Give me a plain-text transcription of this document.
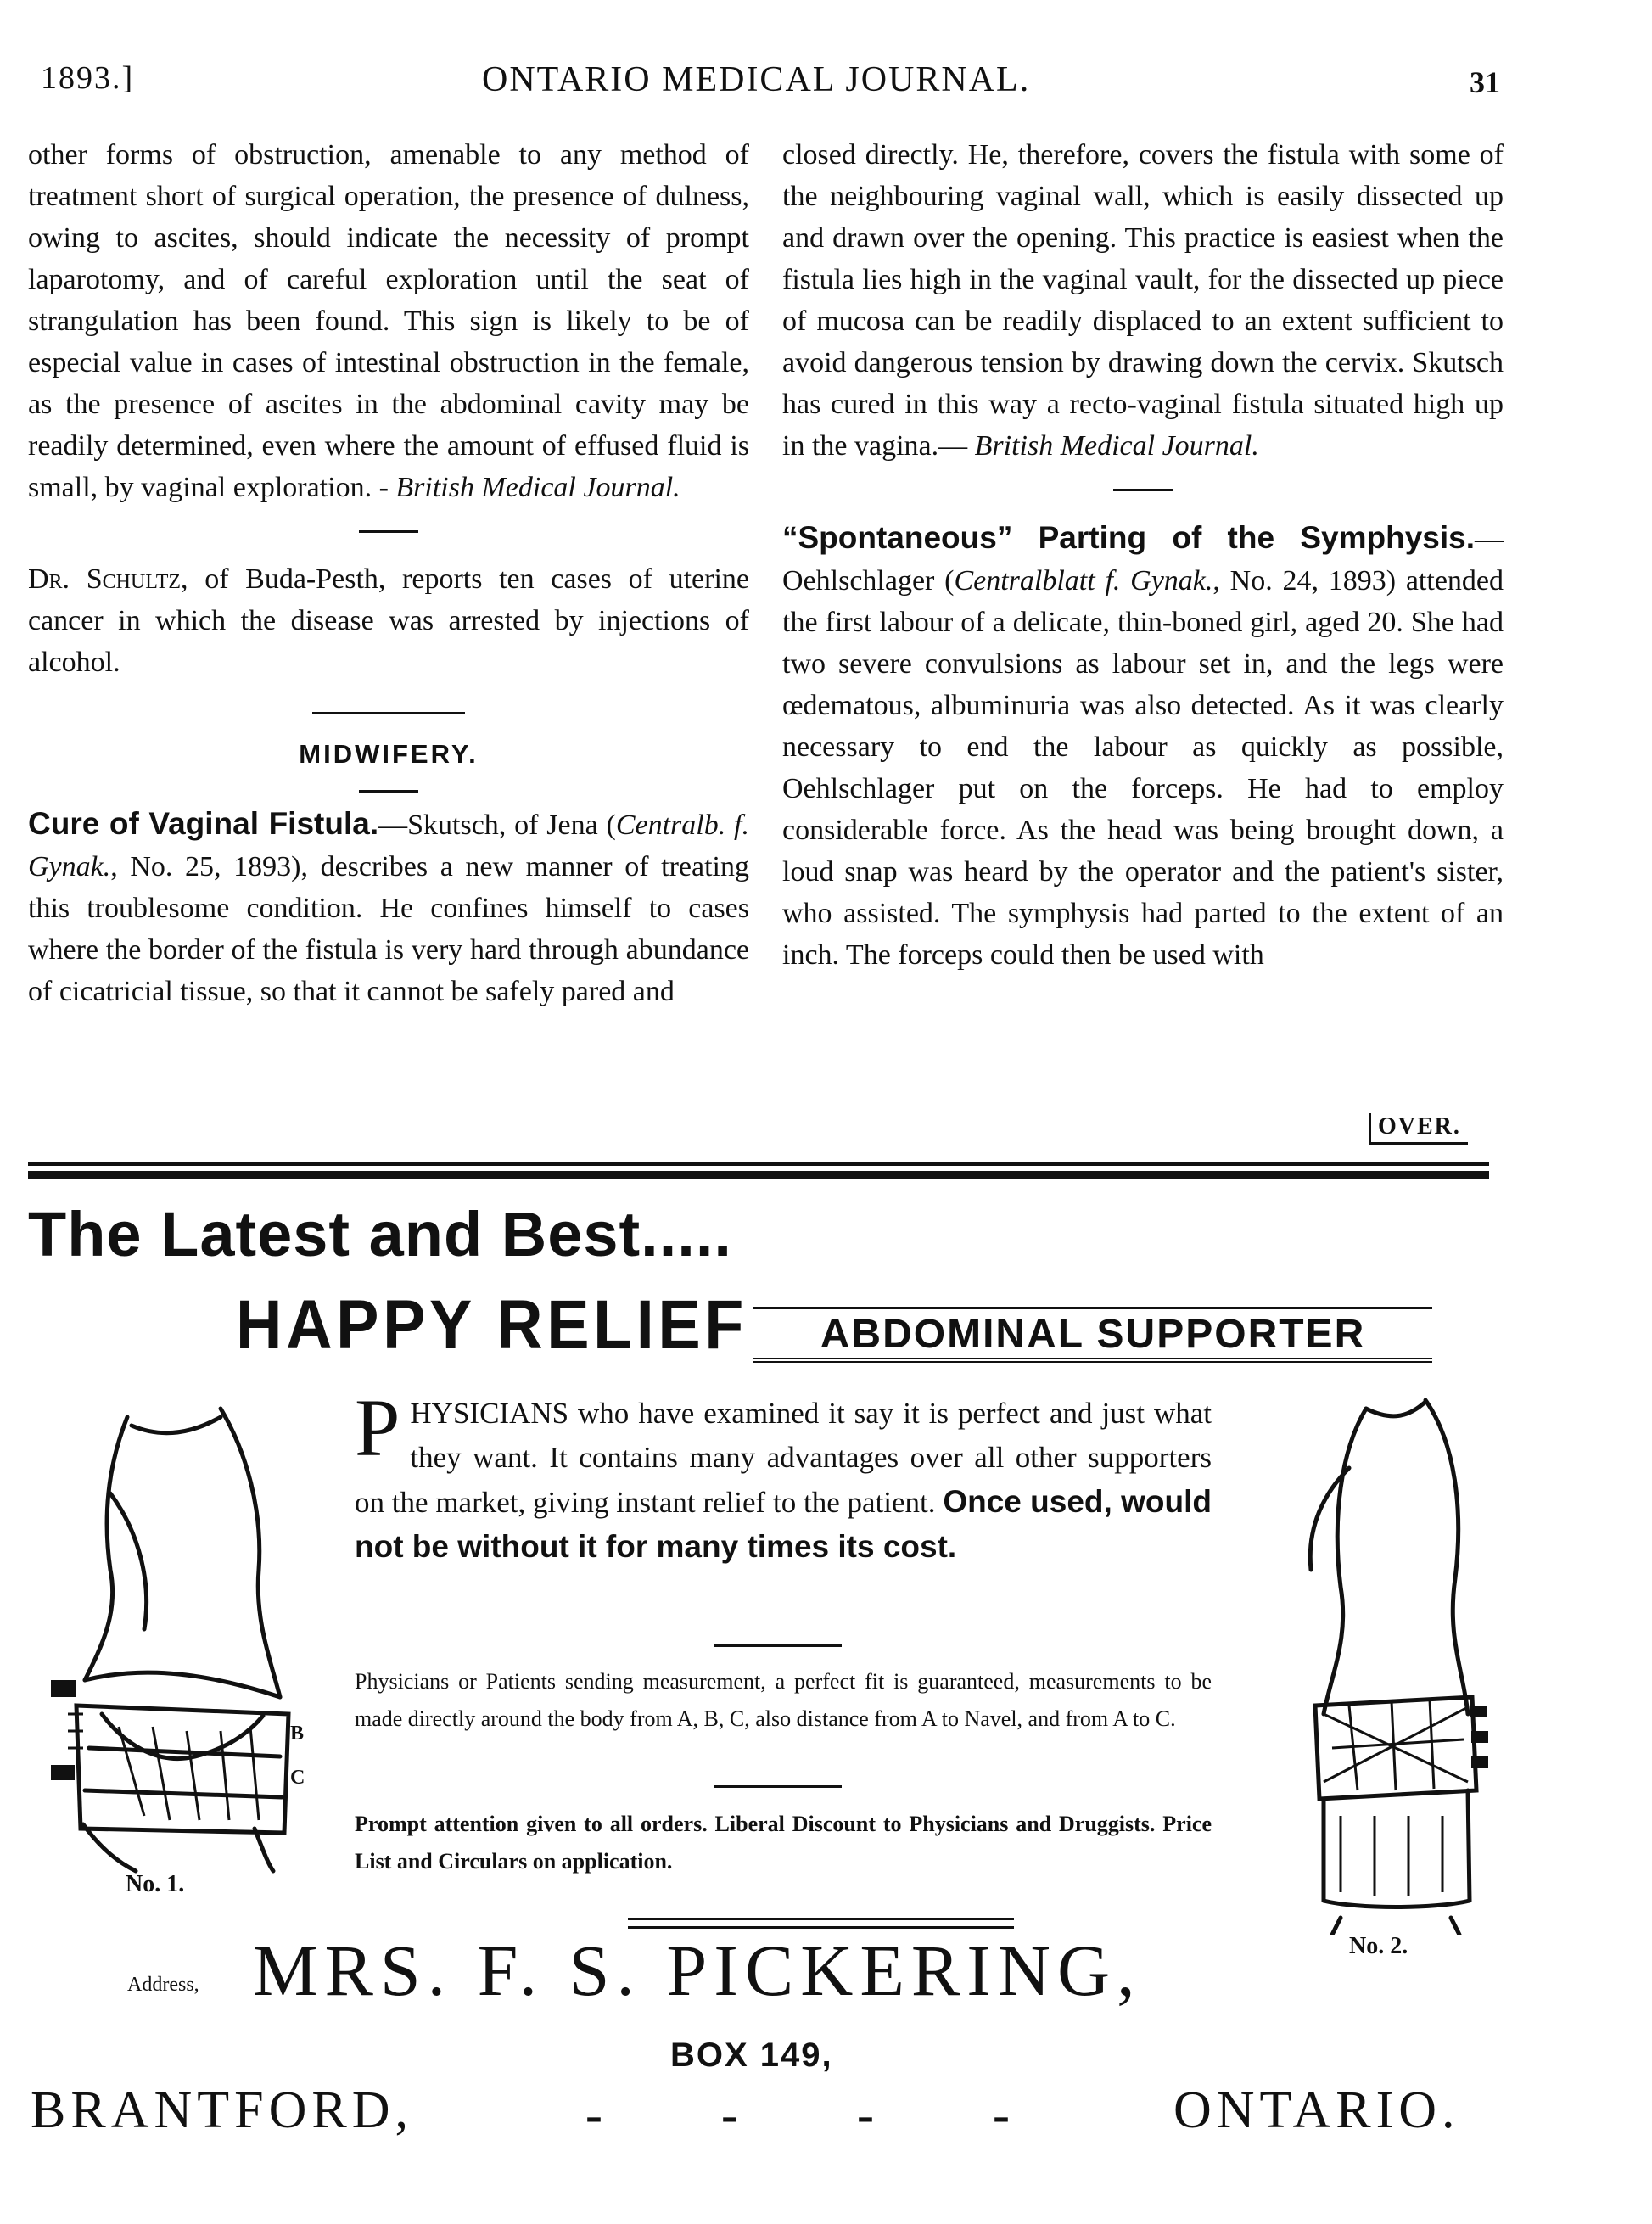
1893.]	ONTARIO MEDICAL JOURNAL.	31

other forms of obstruction, amenable to any method of treatment short of surgical operation, the presence of dulness, owing to ascites, should indicate the necessity of prompt laparotomy, and of careful exploration until the seat of strangulation has been found. This sign is likely to be of especial value in cases of intestinal obstruction in the female, as the presence of ascites in the abdominal cavity may be readily determined, even where the amount of effused fluid is small, by vaginal exploration. - British Medical Journal.

Dr. Schultz, of Buda-Pesth, reports ten cases of uterine cancer in which the disease was arrested by injections of alcohol.

MIDWIFERY.

Cure of Vaginal Fistula.—Skutsch, of Jena (Centralb. f. Gynak., No. 25, 1893), describes a new manner of treating this troublesome condition. He confines himself to cases where the border of the fistula is very hard through abundance of cicatricial tissue, so that it cannot be safely pared and

closed directly. He, therefore, covers the fistula with some of the neighbouring vaginal wall, which is easily dissected up and drawn over the opening. This practice is easiest when the fistula lies high in the vaginal vault, for the dissected up piece of mucosa can be readily displaced to an extent sufficient to avoid dangerous tension by drawing down the cervix. Skutsch has cured in this way a recto-vaginal fistula situated high up in the vagina.— British Medical Journal.

“Spontaneous” Parting of the Symphysis.—Oehlschlager (Centralblatt f. Gynak., No. 24, 1893) attended the first labour of a delicate, thin-boned girl, aged 20. She had two severe convulsions as labour set in, and the legs were œdematous, albuminuria was also detected. As it was clearly necessary to end the labour as quickly as possible, Oehlschlager put on the forceps. He had to employ considerable force. As the head was being brought down, a loud snap was heard by the operator and the patient's sister, who assisted. The symphysis had parted to the extent of an inch. The forceps could then be used with

OVER.
The Latest and Best.....
HAPPY RELIEF	ABDOMINAL SUPPORTER
PHYSICIANS who have examined it say it is perfect and just what they want. It contains many advantages over all other supporters on the market, giving instant relief to the patient. Once used, would not be without it for many times its cost.
Physicians or Patients sending measurement, a perfect fit is guaranteed, measurements to be made directly around the body from A, B, C, also distance from A to Navel, and from A to C.
Prompt attention given to all orders. Liberal Discount to Physicians and Druggists. Price List and Circulars on application.
B
C
No. 1.
No. 2.
Address, MRS. F. S. PICKERING,
BOX 149,
BRANTFORD,	- - - -	ONTARIO.
